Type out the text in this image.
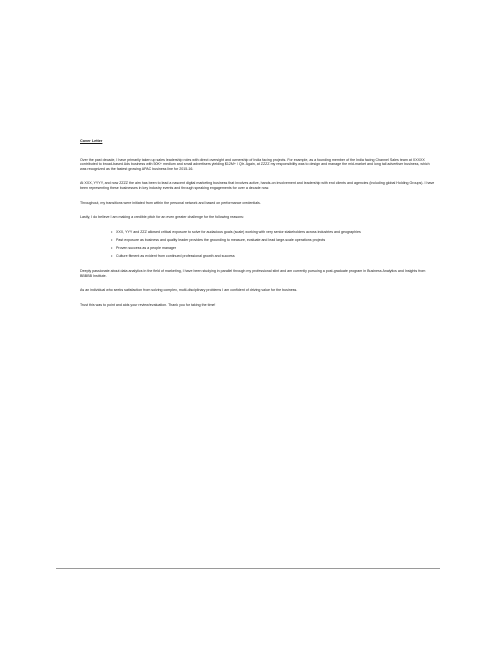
Cover Letter
Over the past decade, I have primarily taken up sales leadership roles with direct oversight and ownership of India facing projects. For example, as a founding member of the India facing Channel Sales team at XXXXX contributed to broad-based Ads business with 50K+ medium and small advertisers yielding $12M+ / Qtr. Again, at ZZZZ my responsibility was to design and manage the mid-market and long tail advertiser business, which was recognized as the fastest growing APAC business line for 2015-16.
At XXX, YYYY, and now ZZZZ the aim has been to lead a nascent digital marketing business that involves active, hands-on involvement and leadership with end clients and agencies (including global Holding Groups). I have been representing these businesses in key industry events and through speaking engagements for over a decade now.
Throughout, my transitions were initiated from within the personal network and based on performance credentials.
Lastly, I do believe I am making a credible pitch for an even greater challenge for the following reasons:
• XXX, YYY and ZZZ allowed critical exposure to solve for audacious goals (scale) working with very senior stakeholders across industries and geographies
• Past exposure as business and quality leader provides the grounding to measure, evaluate and lead large-scale operations projects
• Proven success as a people manager
• Culture fitment as evident from continued professional growth and success
Deeply passionate about data analytics in the field of marketing, I have been studying in parallel through my professional stint and am currently pursuing a post-graduate program in Business Analytics and Insights from BBBBB Institute.
As an individual who seeks satisfaction from solving complex, multi-disciplinary problems I am confident of driving value for the business.
Trust this was to point and aids your review/evaluation. Thank you for taking the time!
